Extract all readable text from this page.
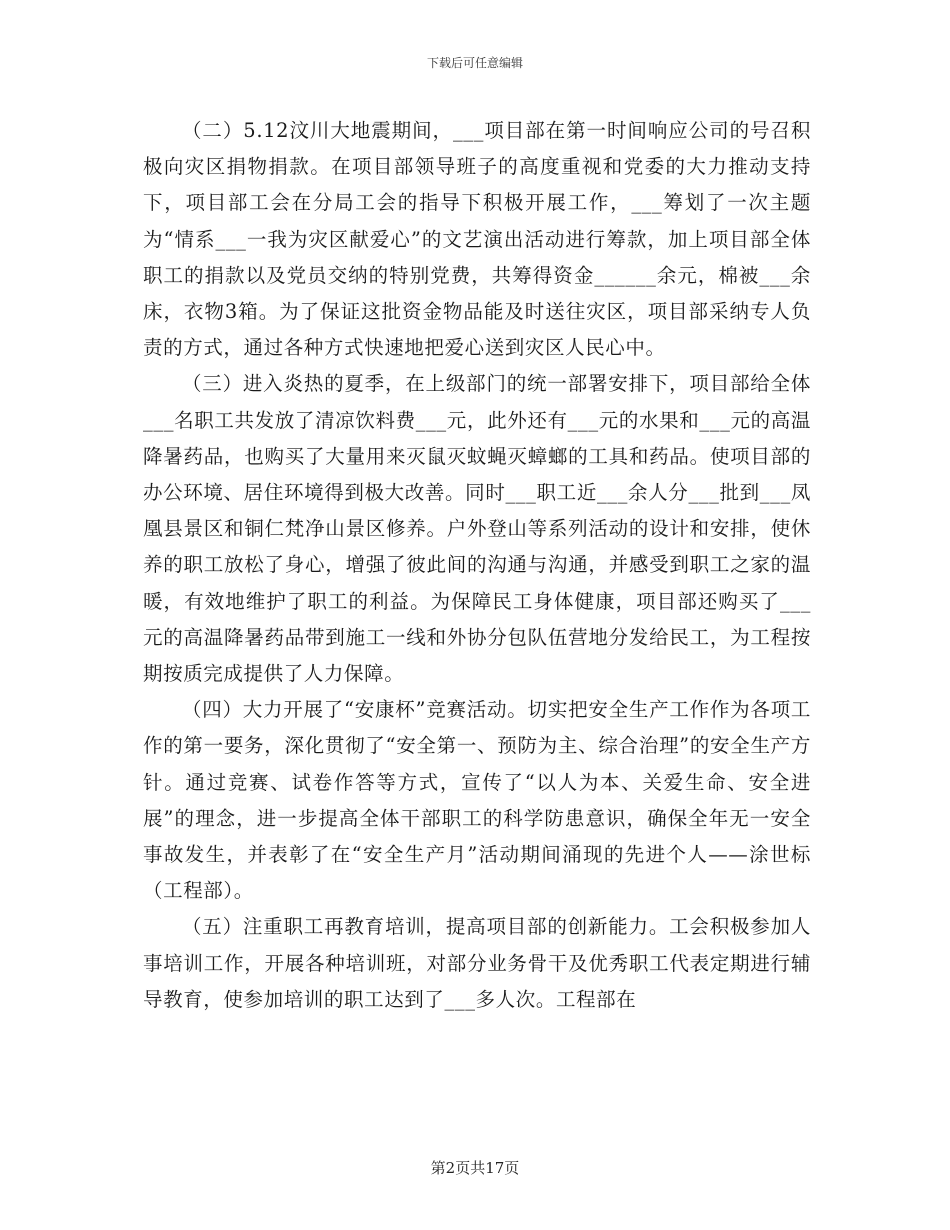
下载后可任意编辑

（二）5.12汶川大地震期间，___项目部在第一时间响应公司的号召积极向灾区捐物捐款。在项目部领导班子的高度重视和党委的大力推动支持下，项目部工会在分局工会的指导下积极开展工作，___筹划了一次主题为“情系___一我为灾区献爱心”的文艺演出活动进行筹款，加上项目部全体职工的捐款以及党员交纳的特别党费，共筹得资金______余元，棉被___余床，衣物3箱。为了保证这批资金物品能及时送往灾区，项目部采纳专人负责的方式，通过各种方式快速地把爱心送到灾区人民心中。

（三）进入炎热的夏季，在上级部门的统一部署安排下，项目部给全体___名职工共发放了清凉饮料费___元，此外还有___元的水果和___元的高温降暑药品，也购买了大量用来灭鼠灭蚊蝇灭蟑螂的工具和药品。使项目部的办公环境、居住环境得到极大改善。同时___职工近___余人分___批到___凤凰县景区和铜仁梵净山景区修养。户外登山等系列活动的设计和安排，使休养的职工放松了身心，增强了彼此间的沟通与沟通，并感受到职工之家的温暖，有效地维护了职工的利益。为保障民工身体健康，项目部还购买了___元的高温降暑药品带到施工一线和外协分包队伍营地分发给民工，为工程按期按质完成提供了人力保障。

（四）大力开展了“安康杯”竞赛活动。切实把安全生产工作作为各项工作的第一要务，深化贯彻了“安全第一、预防为主、综合治理”的安全生产方针。通过竞赛、试卷作答等方式，宣传了“以人为本、关爱生命、安全进展”的理念，进一步提高全体干部职工的科学防患意识，确保全年无一安全事故发生，并表彰了在“安全生产月”活动期间涌现的先进个人——涂世标（工程部）。

（五）注重职工再教育培训，提高项目部的创新能力。工会积极参加人事培训工作，开展各种培训班，对部分业务骨干及优秀职工代表定期进行辅导教育，使参加培训的职工达到了___多人次。工程部在

第2页共17页
